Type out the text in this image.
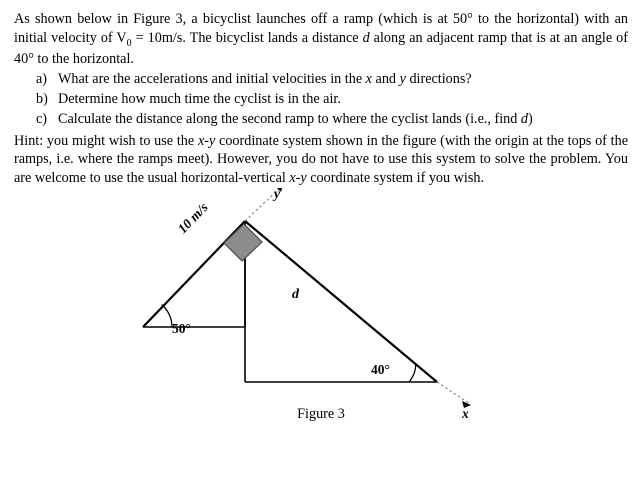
As shown below in Figure 3, a bicyclist launches off a ramp (which is at 50° to the horizontal) with an initial velocity of $V_0 = 10m/s$. The bicyclist lands a distance d along an adjacent ramp that is at an angle of 40° to the horizontal.

a) What are the accelerations and initial velocities in the x and y directions?
b) Determine how much time the cyclist is in the air.
c) Calculate the distance along the second ramp to where the cyclist lands (i.e., find d)

Hint: you might wish to use the x-y coordinate system shown in the figure (with the origin at the tops of the ramps, i.e. where the ramps meet). However, you do not have to use this system to solve the problem. You are welcome to use the usual horizontal-vertical x-y coordinate system if you wish.

10 m/s
50°
40°
d
y
x
Figure 3
